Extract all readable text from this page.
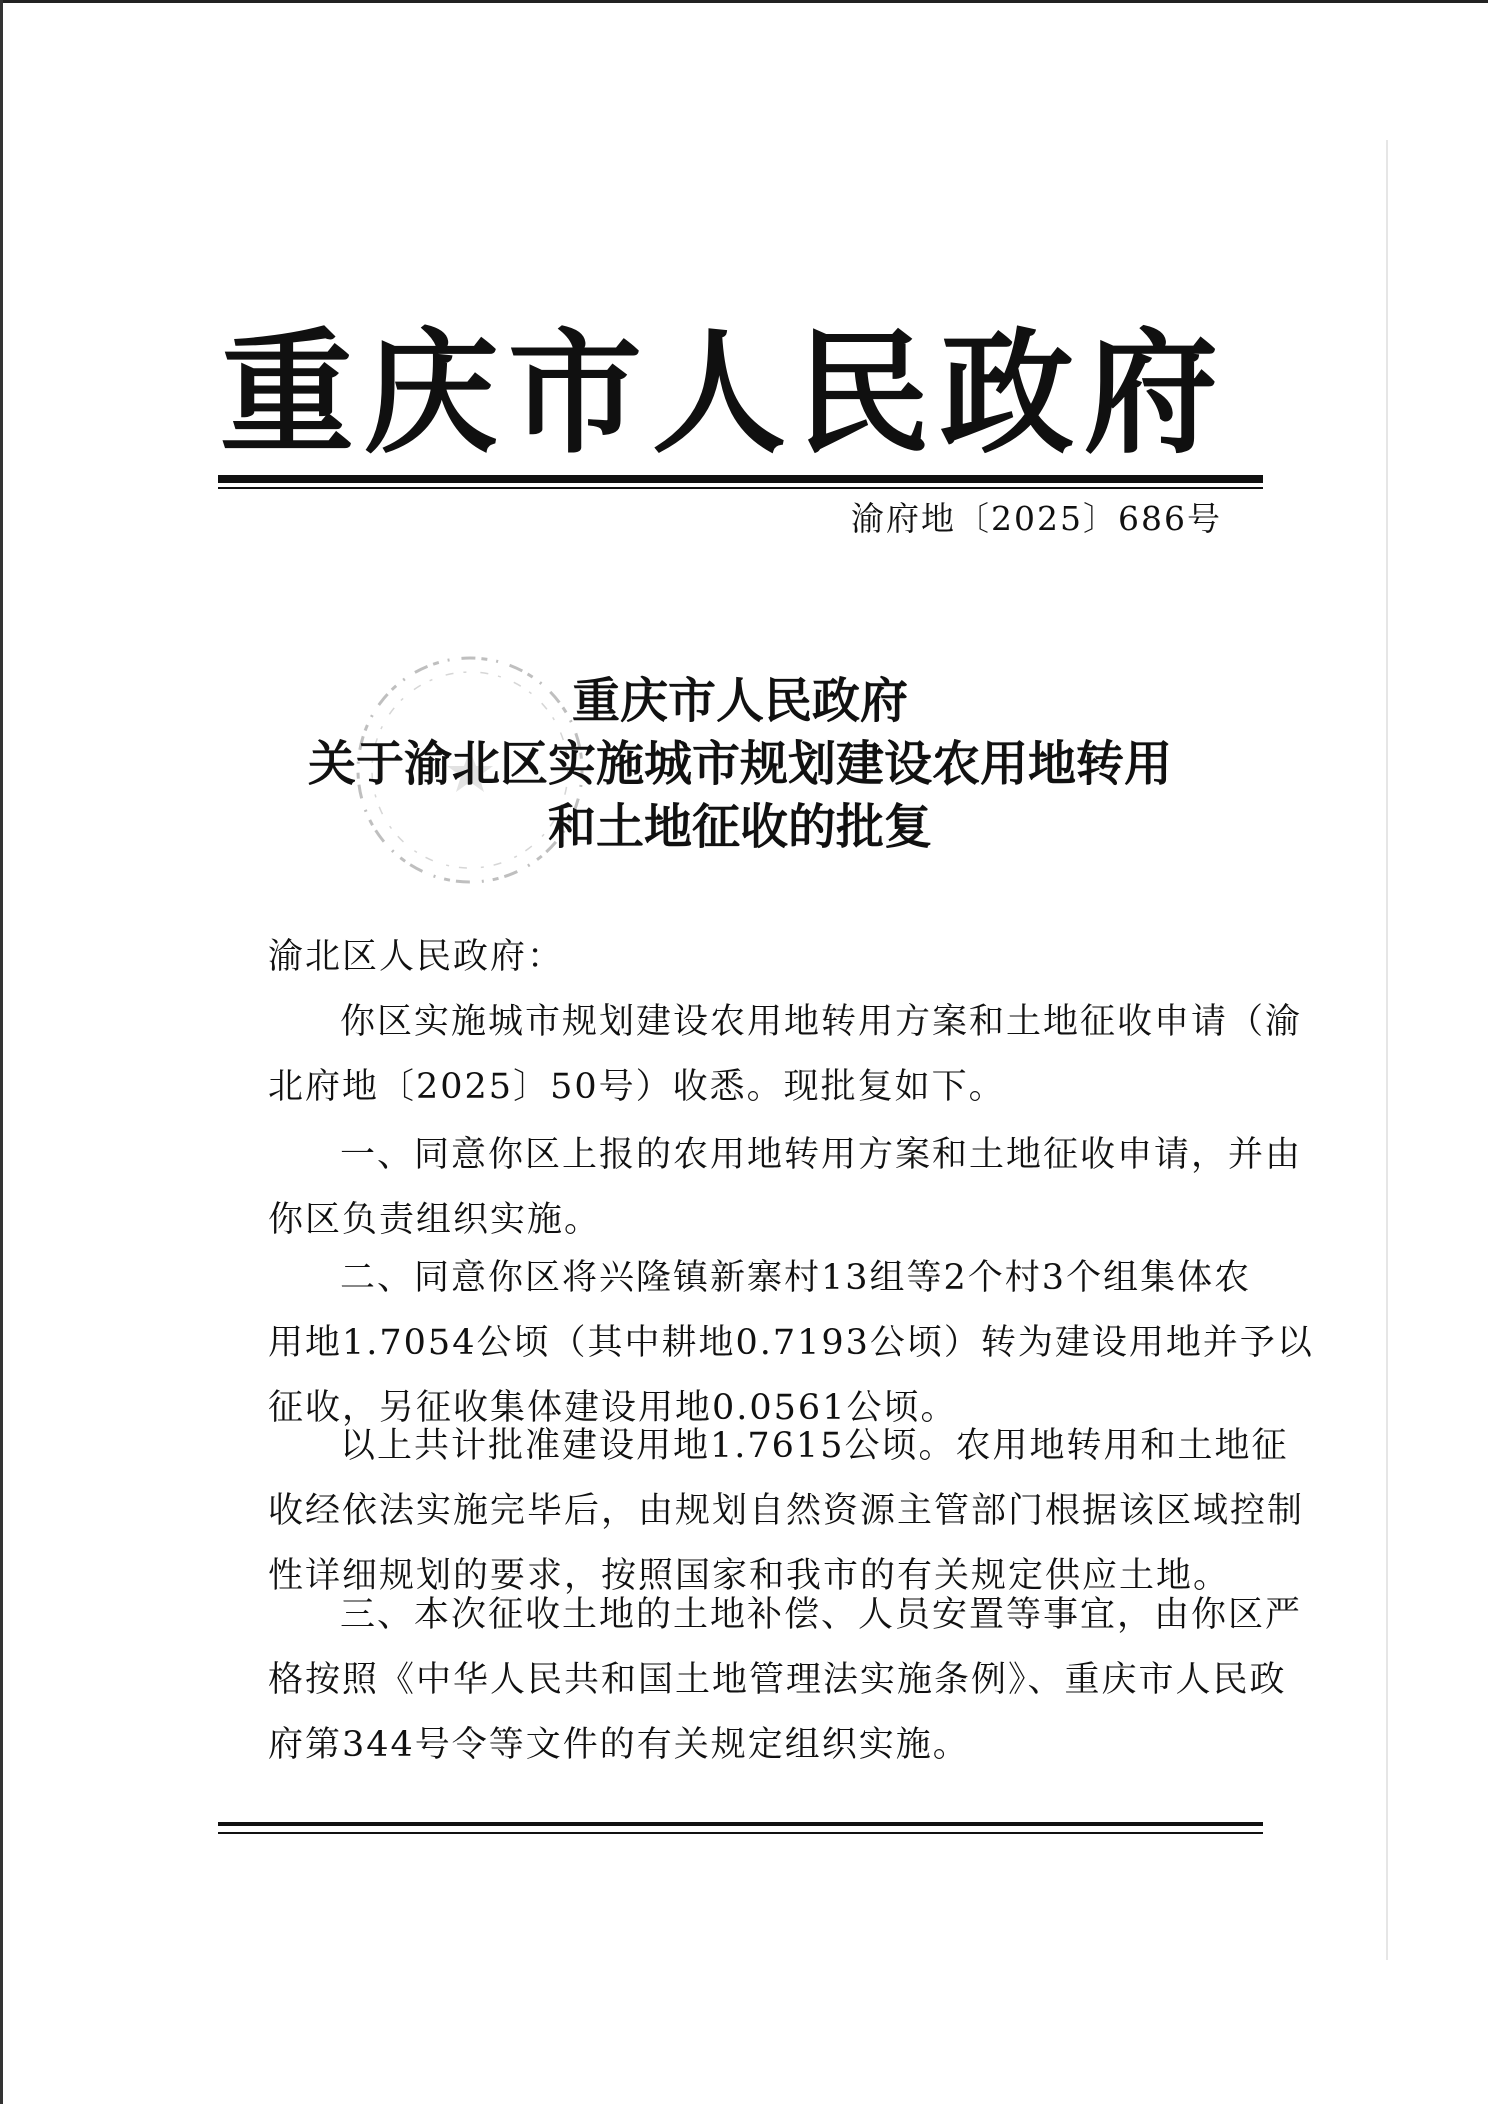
重庆市人民政府
渝府地〔2025〕686号
重庆市人民政府
关于渝北区实施城市规划建设农用地转用
和土地征收的批复
渝北区人民政府：
你区实施城市规划建设农用地转用方案和土地征收申请（渝
北府地〔2025〕50号）收悉。现批复如下。
一、同意你区上报的农用地转用方案和土地征收申请，并由
你区负责组织实施。
二、同意你区将兴隆镇新寨村13组等2个村3个组集体农
用地1.7054公顷（其中耕地0.7193公顷）转为建设用地并予以
征收，另征收集体建设用地0.0561公顷。
以上共计批准建设用地1.7615公顷。农用地转用和土地征
收经依法实施完毕后，由规划自然资源主管部门根据该区域控制
性详细规划的要求，按照国家和我市的有关规定供应土地。
三、本次征收土地的土地补偿、人员安置等事宜，由你区严
格按照《中华人民共和国土地管理法实施条例》、重庆市人民政
府第344号令等文件的有关规定组织实施。
